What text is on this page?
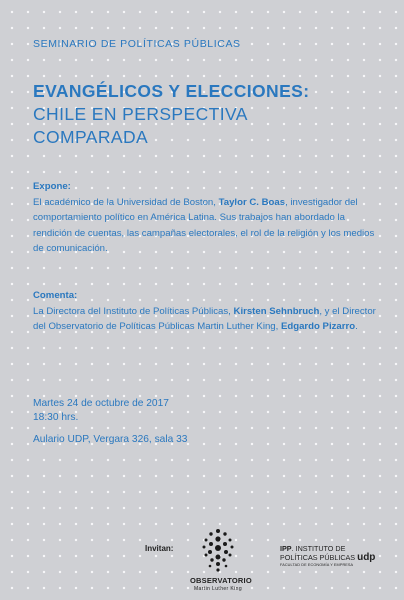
SEMINARIO DE POLÍTICAS PÚBLICAS
EVANGÉLICOS Y ELECCIONES:
CHILE EN PERSPECTIVA
COMPARADA
Expone:
El académico de la Universidad de Boston, Taylor C. Boas, investigador del comportamiento político en América Latina. Sus trabajos han abordado la rendición de cuentas, las campañas electorales, el rol de la religión y los medios de comunicación.
Comenta:
La Directora del Instituto de Políticas Públicas, Kirsten Sehnbruch, y el Director del Observatorio de Políticas Públicas Martin Luther King, Edgardo Pizarro.
Martes 24 de octubre de 2017
18:30 hrs.
Aulario UDP, Vergara 326, sala 33
Invitan:
OBSERVATORIO
Martin Luther King
IPP. INSTITUTO DE
POLÍTICAS PÚBLICAS udp
FACULTAD DE ECONOMÍA Y EMPRESA
